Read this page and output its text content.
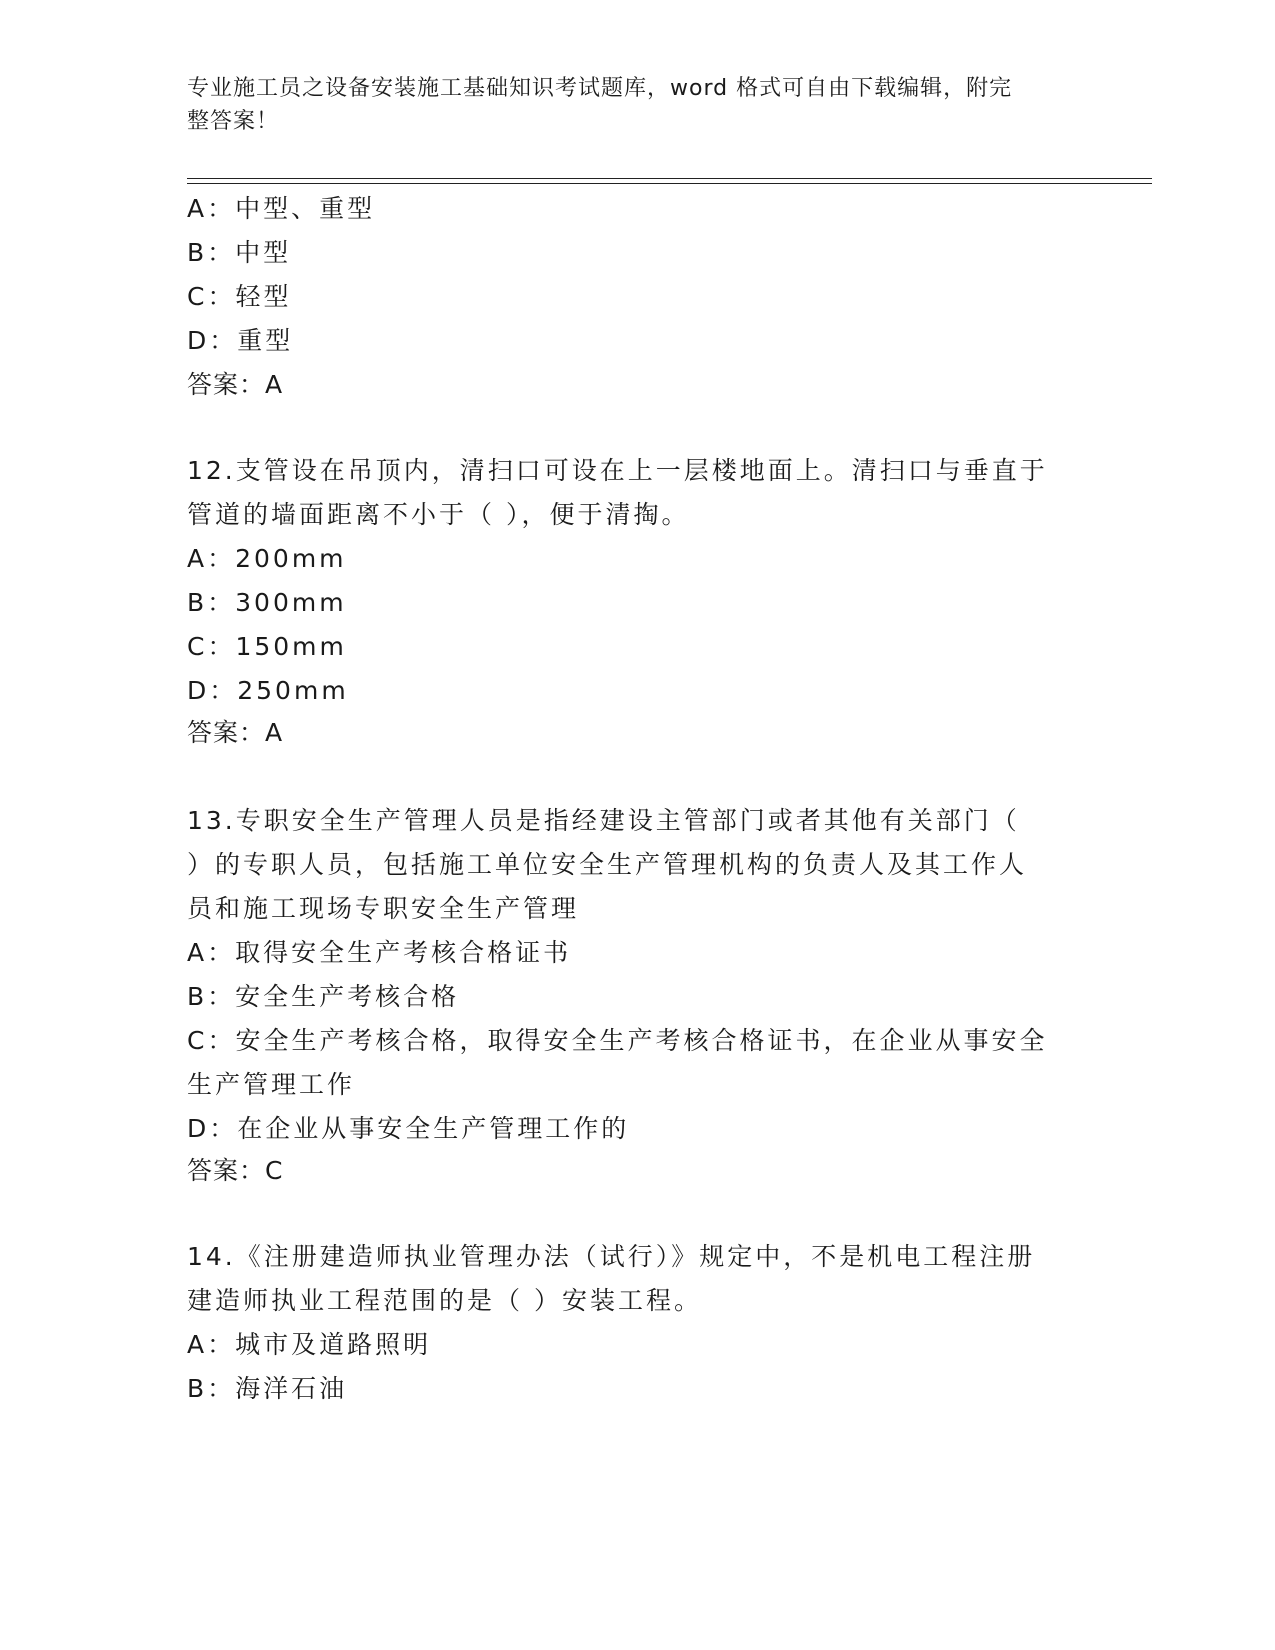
专业施工员之设备安装施工基础知识考试题库，word 格式可自由下载编辑，附完
整答案！
A：中型、重型
B：中型
C：轻型
D：重型
答案：A
12.支管设在吊顶内，清扫口可设在上一层楼地面上。清扫口与垂直于
管道的墙面距离不小于（ ），便于清掏。
A：200mm
B：300mm
C：150mm
D：250mm
答案：A
13.专职安全生产管理人员是指经建设主管部门或者其他有关部门（
）的专职人员，包括施工单位安全生产管理机构的负责人及其工作人
员和施工现场专职安全生产管理
A：取得安全生产考核合格证书
B：安全生产考核合格
C：安全生产考核合格，取得安全生产考核合格证书，在企业从事安全
生产管理工作
D：在企业从事安全生产管理工作的
答案：C
14.《注册建造师执业管理办法（试行）》规定中，不是机电工程注册
建造师执业工程范围的是（ ）安装工程。
A：城市及道路照明
B：海洋石油
